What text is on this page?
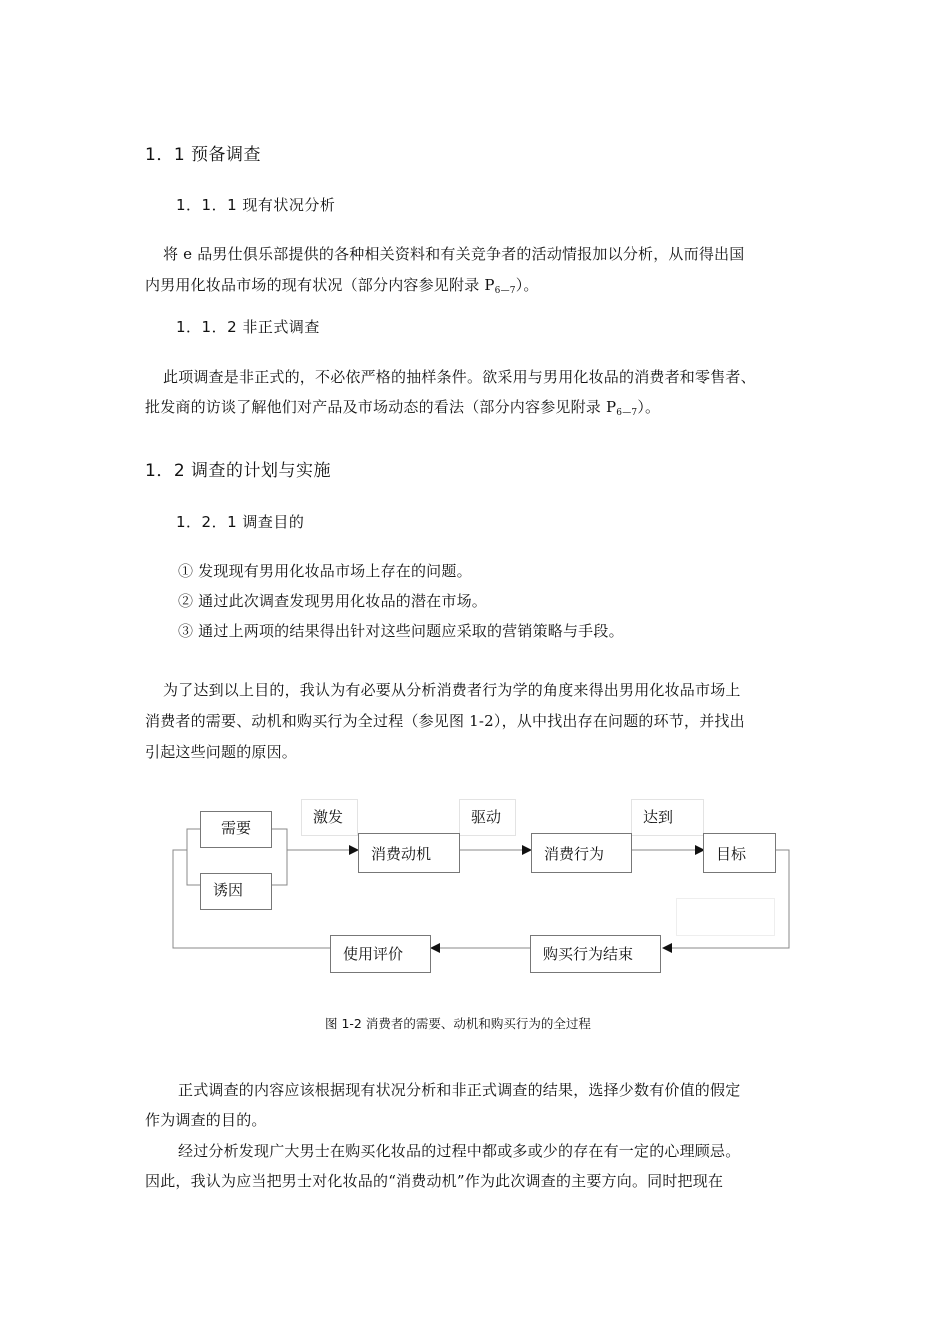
1．1 预备调查
1．1．1 现有状况分析
将 e 品男仕俱乐部提供的各种相关资料和有关竞争者的活动情报加以分析，从而得出国
内男用化妆品市场的现有状况（部分内容参见附录 $P_{6—7}$）。
1．1．2 非正式调查
此项调查是非正式的，不必依严格的抽样条件。欲采用与男用化妆品的消费者和零售者、
批发商的访谈了解他们对产品及市场动态的看法（部分内容参见附录 $P_{6—7}$）。
1．2 调查的计划与实施
1．2．1 调查目的
① 发现现有男用化妆品市场上存在的问题。
② 通过此次调查发现男用化妆品的潜在市场。
③ 通过上两项的结果得出针对这些问题应采取的营销策略与手段。
为了达到以上目的，我认为有必要从分析消费者行为学的角度来得出男用化妆品市场上
消费者的需要、动机和购买行为全过程（参见图 1-2），从中找出存在问题的环节，并找出
引起这些问题的原因。
激发	驱动	达到
需要
诱因
消费动机	消费行为	目标
购买行为结束
使用评价
图 1-2 消费者的需要、动机和购买行为的全过程
正式调查的内容应该根据现有状况分析和非正式调查的结果，选择少数有价值的假定
作为调查的目的。
经过分析发现广大男士在购买化妆品的过程中都或多或少的存在有一定的心理顾忌。
因此，我认为应当把男士对化妆品的“消费动机”作为此次调查的主要方向。同时把现在
